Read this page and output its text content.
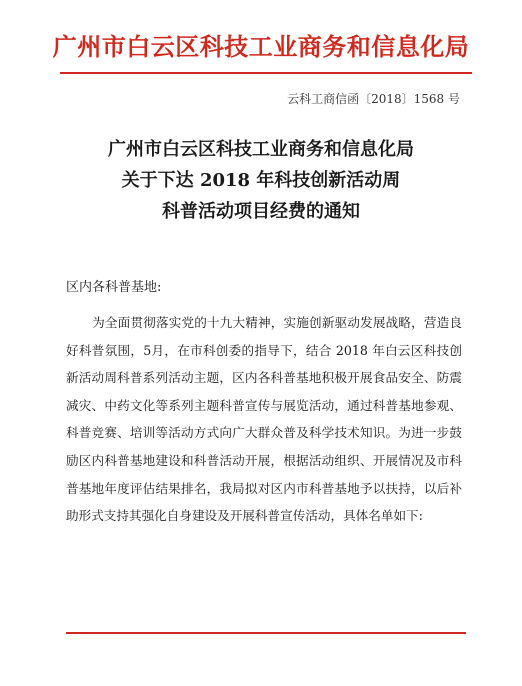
广州市白云区科技工业商务和信息化局
云科工商信函〔2018〕1568 号
广州市白云区科技工业商务和信息化局
关于下达 2018 年科技创新活动周
科普活动项目经费的通知
区内各科普基地:
为全面贯彻落实党的十九大精神，实施创新驱动发展战略，营造良好科普氛围，5月，在市科创委的指导下，结合 2018 年白云区科技创新活动周科普系列活动主题，区内各科普基地积极开展食品安全、防震减灾、中药文化等系列主题科普宣传与展览活动，通过科普基地参观、科普竞赛、培训等活动方式向广大群众普及科学技术知识。为进一步鼓励区内科普基地建设和科普活动开展，根据活动组织、开展情况及市科普基地年度评估结果排名，我局拟对区内市科普基地予以扶持，以后补助形式支持其强化自身建设及开展科普宣传活动，具体名单如下:
